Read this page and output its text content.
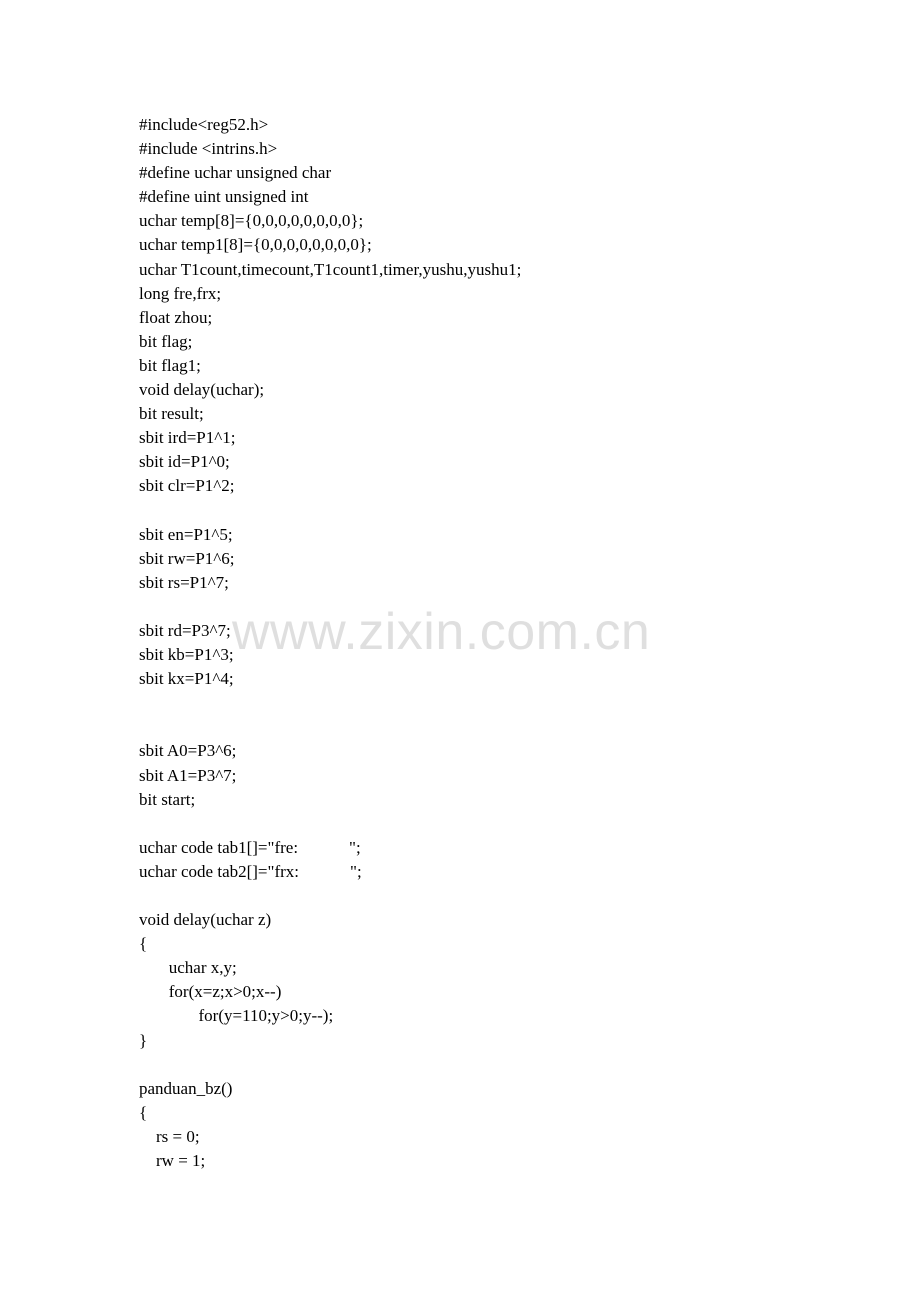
#include<reg52.h>
#include <intrins.h>
#define uchar unsigned char
#define uint unsigned int
uchar temp[8]={0,0,0,0,0,0,0,0};
uchar temp1[8]={0,0,0,0,0,0,0,0};
uchar T1count,timecount,T1count1,timer,yushu,yushu1;
long fre,frx;
float zhou;
bit flag;
bit flag1;
void delay(uchar);
bit result;
sbit ird=P1^1;
sbit id=P1^0;
sbit clr=P1^2;
sbit en=P1^5;
sbit rw=P1^6;
sbit rs=P1^7;
sbit rd=P3^7;
sbit kb=P1^3;
sbit kx=P1^4;
sbit A0=P3^6;
sbit A1=P3^7;
bit start;
uchar code tab1[]="fre:            ";
uchar code tab2[]="frx:            ";
void delay(uchar z)
{
uchar x,y;
for(x=z;x>0;x--)
for(y=110;y>0;y--);
}
panduan_bz()
{
rs = 0;
rw = 1;
www.zixin.com.cn
